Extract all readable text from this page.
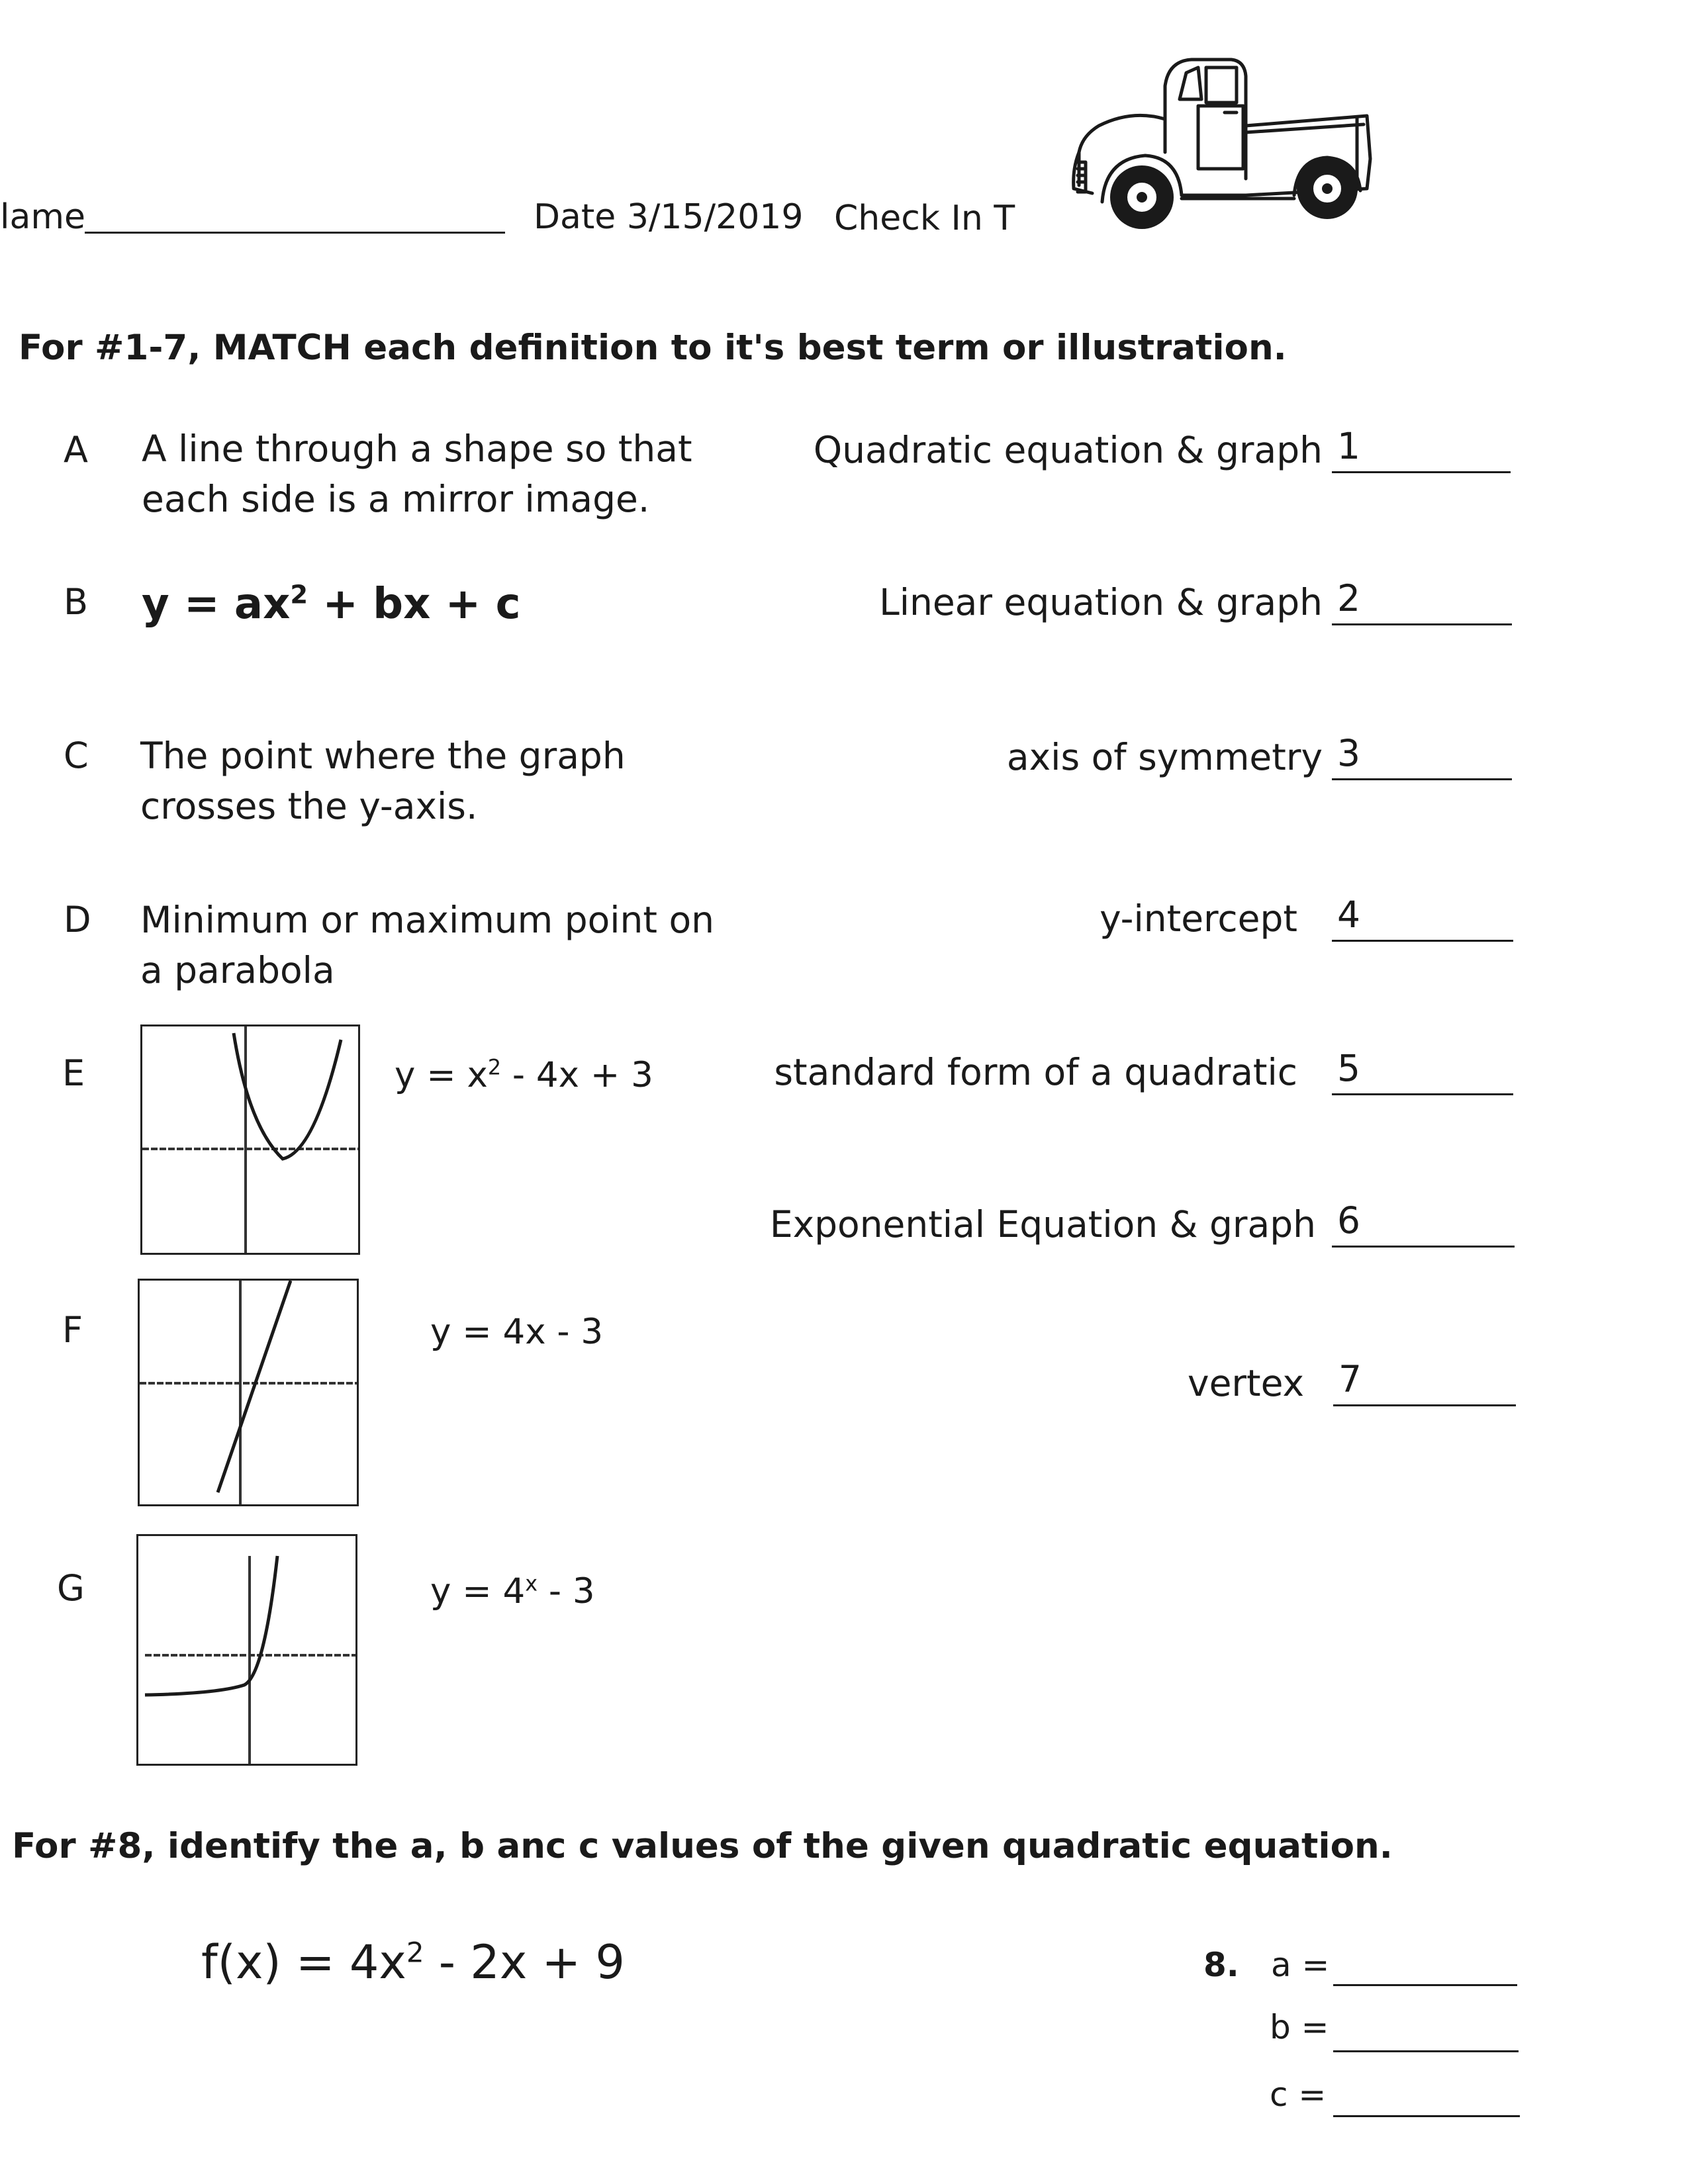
lame	Date 3/15/2019 Check In T
For #1-7, MATCH each definition to it's best term or illustration.
A A line through a shape so that
each side is a mirror image.
B $y = ax^2$ + bx + c
C The point where the graph
crosses the y-axis.
D Minimum or maximum point on
a parabola
E	$y = x^2 - 4x + 3$
F	y = 4x - 3
G	$y = 4^x - 3$
Quadratic equation & graph 1
Linear equation & graph 2
axis of symmetry 3
y-intercept 4
standard form of a quadratic 5
Exponential Equation & graph 6
vertex 7
For #8, identify the a, b anc c values of the given quadratic equation.
$f(x) = 4x^2 - 2x + 9$	8. a =
b =
c =
